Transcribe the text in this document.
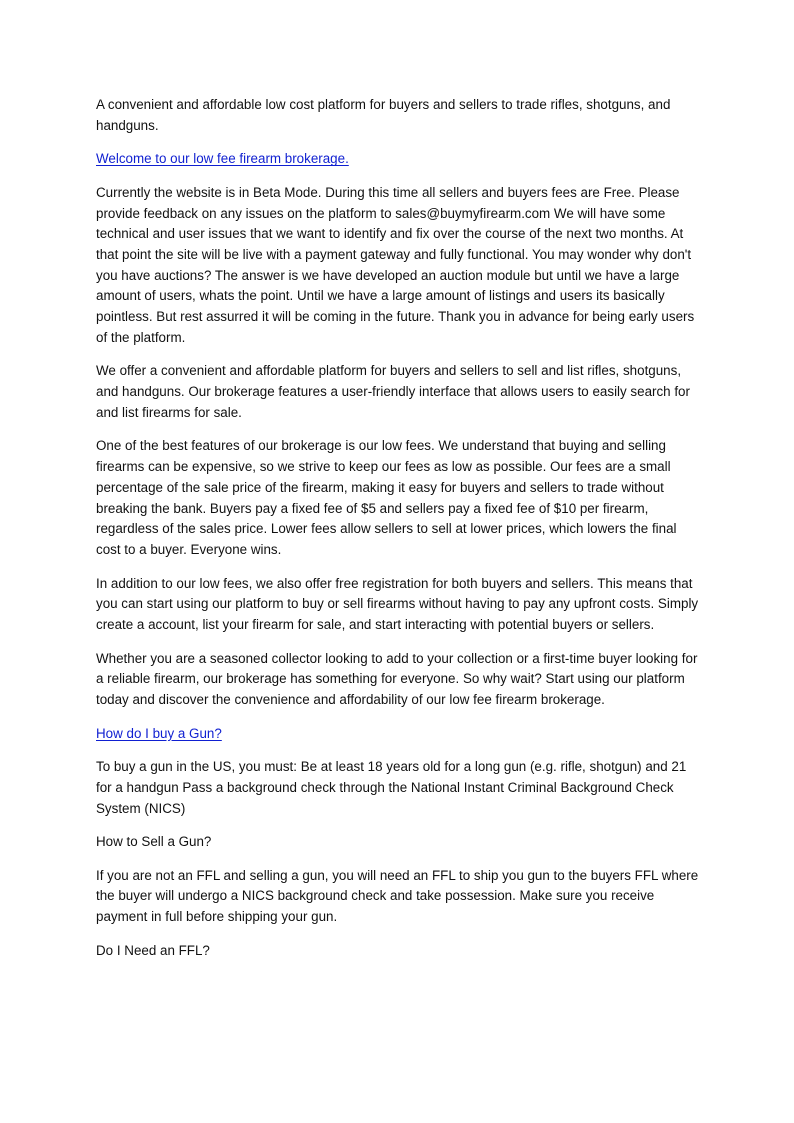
A convenient and affordable low cost platform for buyers and sellers to trade rifles, shotguns, and handguns.

Welcome to our low fee firearm brokerage.

Currently the website is in Beta Mode. During this time all sellers and buyers fees are Free. Please provide feedback on any issues on the platform to sales@buymyfirearm.com We will have some technical and user issues that we want to identify and fix over the course of the next two months. At that point the site will be live with a payment gateway and fully functional. You may wonder why don't you have auctions? The answer is we have developed an auction module but until we have a large amount of users, whats the point. Until we have a large amount of listings and users its basically pointless. But rest assurred it will be coming in the future. Thank you in advance for being early users of the platform.

We offer a convenient and affordable platform for buyers and sellers to sell and list rifles, shotguns, and handguns. Our brokerage features a user-friendly interface that allows users to easily search for and list firearms for sale.

One of the best features of our brokerage is our low fees. We understand that buying and selling firearms can be expensive, so we strive to keep our fees as low as possible. Our fees are a small percentage of the sale price of the firearm, making it easy for buyers and sellers to trade without breaking the bank. Buyers pay a fixed fee of $5 and sellers pay a fixed fee of $10 per firearm, regardless of the sales price. Lower fees allow sellers to sell at lower prices, which lowers the final cost to a buyer. Everyone wins.

In addition to our low fees, we also offer free registration for both buyers and sellers. This means that you can start using our platform to buy or sell firearms without having to pay any upfront costs. Simply create a account, list your firearm for sale, and start interacting with potential buyers or sellers.

Whether you are a seasoned collector looking to add to your collection or a first-time buyer looking for a reliable firearm, our brokerage has something for everyone. So why wait? Start using our platform today and discover the convenience and affordability of our low fee firearm brokerage.

How do I buy a Gun?

To buy a gun in the US, you must: Be at least 18 years old for a long gun (e.g. rifle, shotgun) and 21 for a handgun Pass a background check through the National Instant Criminal Background Check System (NICS)

How to Sell a Gun?

If you are not an FFL and selling a gun, you will need an FFL to ship you gun to the buyers FFL where the buyer will undergo a NICS background check and take possession. Make sure you receive payment in full before shipping your gun.

Do I Need an FFL?
